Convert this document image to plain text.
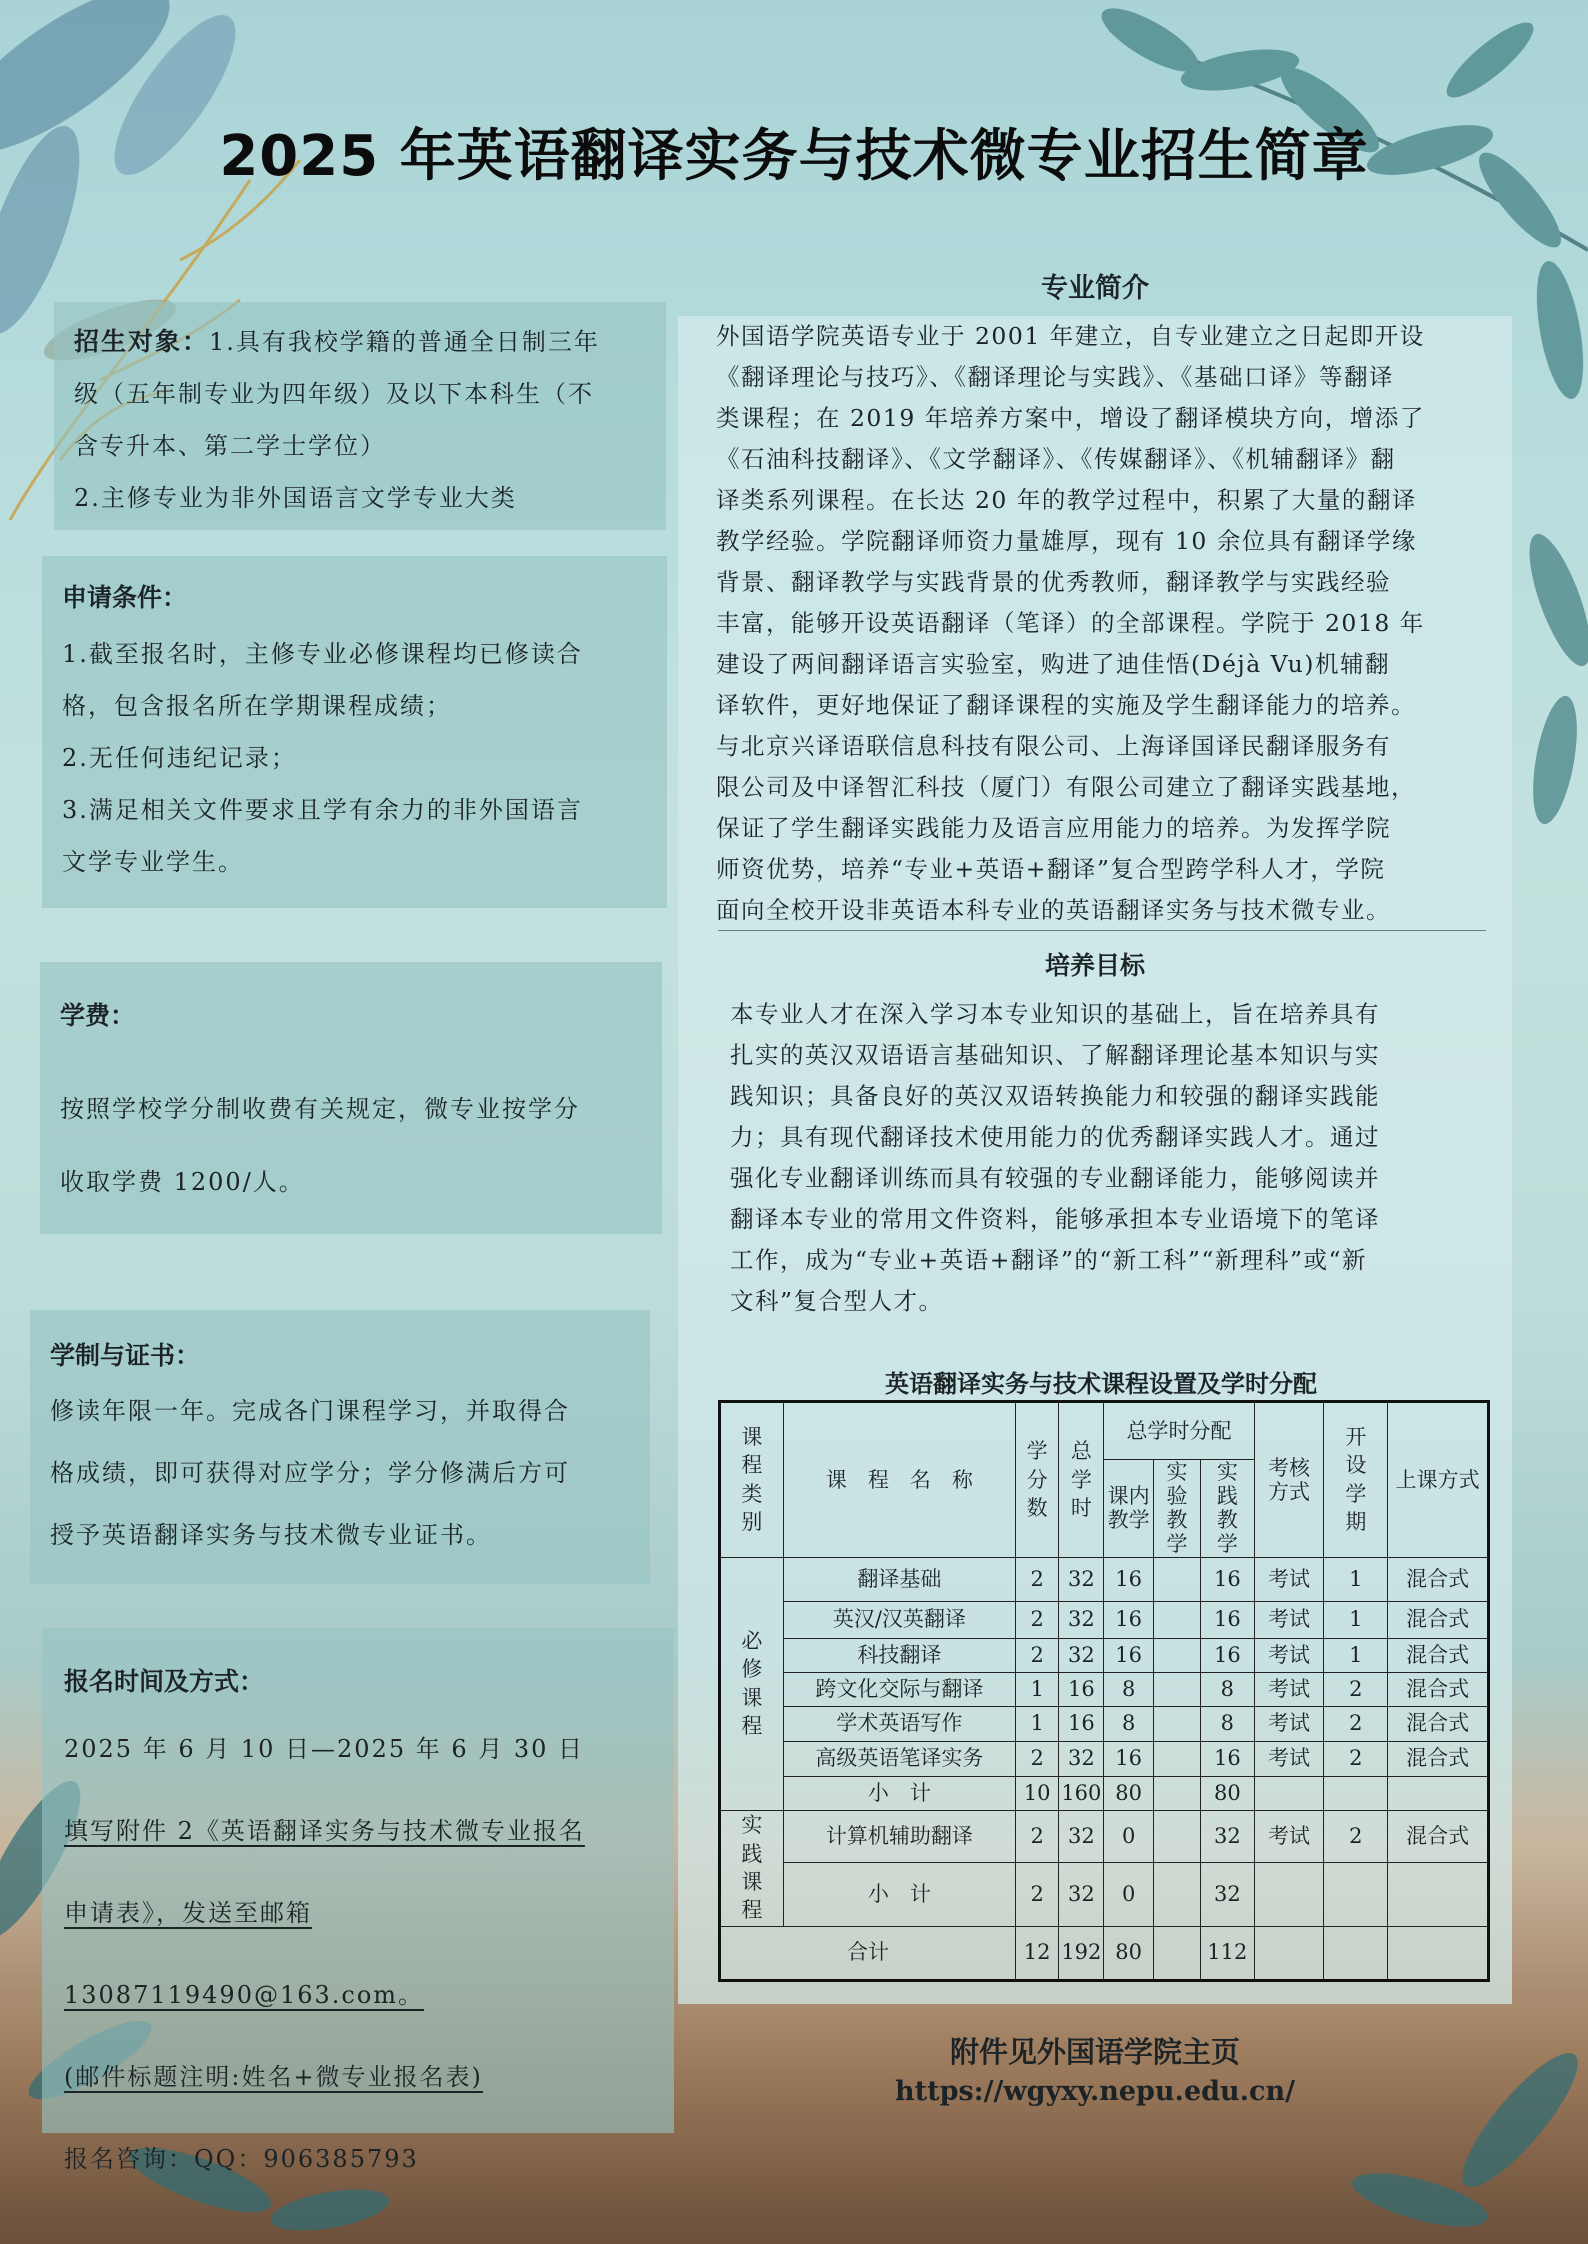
2025 年英语翻译实务与技术微专业招生简章
招生对象：1.具有我校学籍的普通全日制三年
级（五年制专业为四年级）及以下本科生（不
含专升本、第二学士学位）
2.主修专业为非外国语言文学专业大类
申请条件：
1.截至报名时，主修专业必修课程均已修读合
格，包含报名所在学期课程成绩；
2.无任何违纪记录；
3.满足相关文件要求且学有余力的非外国语言
文学专业学生。
学费：
按照学校学分制收费有关规定，微专业按学分
收取学费 1200/人。
学制与证书：
修读年限一年。完成各门课程学习，并取得合
格成绩，即可获得对应学分；学分修满后方可
授予英语翻译实务与技术微专业证书。
报名时间及方式：
2025 年 6 月 10 日—2025 年 6 月 30 日
填写附件 2《英语翻译实务与技术微专业报名
申请表》，发送至邮箱 13087119490@163.com。
(邮件标题注明:姓名+微专业报名表)
报名咨询：QQ：906385793
专业简介
外国语学院英语专业于 2001 年建立，自专业建立之日起即开设
《翻译理论与技巧》、《翻译理论与实践》、《基础口译》等翻译
类课程；在 2019 年培养方案中，增设了翻译模块方向，增添了
《石油科技翻译》、《文学翻译》、《传媒翻译》、《机辅翻译》翻
译类系列课程。在长达 20 年的教学过程中，积累了大量的翻译
教学经验。学院翻译师资力量雄厚，现有 10 余位具有翻译学缘
背景、翻译教学与实践背景的优秀教师，翻译教学与实践经验
丰富，能够开设英语翻译（笔译）的全部课程。学院于 2018 年
建设了两间翻译语言实验室，购进了迪佳悟(Déjà Vu)机辅翻
译软件，更好地保证了翻译课程的实施及学生翻译能力的培养。
与北京兴译语联信息科技有限公司、上海译国译民翻译服务有
限公司及中译智汇科技（厦门）有限公司建立了翻译实践基地，
保证了学生翻译实践能力及语言应用能力的培养。为发挥学院
师资优势，培养“专业+英语+翻译”复合型跨学科人才，学院
面向全校开设非英语本科专业的英语翻译实务与技术微专业。
培养目标
本专业人才在深入学习本专业知识的基础上，旨在培养具有
扎实的英汉双语语言基础知识、了解翻译理论基本知识与实
践知识；具备良好的英汉双语转换能力和较强的翻译实践能
力；具有现代翻译技术使用能力的优秀翻译实践人才。通过
强化专业翻译训练而具有较强的专业翻译能力，能够阅读并
翻译本专业的常用文件资料，能够承担本专业语境下的笔译
工作，成为“专业+英语+翻译”的“新工科”“新理科”或“新
文科”复合型人才。
英语翻译实务与技术课程设置及学时分配
课程类别	课　程　名　称	学分数	总学时	总学时分配			考核方式	开设学期	上课方式
				课内教学	实验教学	实践教学			
必修课程	翻译基础	2	32	16		16	考试	1	混合式
	英汉/汉英翻译	2	32	16		16	考试	1	混合式
	科技翻译	2	32	16		16	考试	1	混合式
	跨文化交际与翻译	1	16	8		8	考试	2	混合式
	学术英语写作	1	16	8		8	考试	2	混合式
	高级英语笔译实务	2	32	16		16	考试	2	混合式
	小　计	10	160	80		80			
实践课程	计算机辅助翻译	2	32	0		32	考试	2	混合式
	小　计	2	32	0		32			
合计		12	192	80		112			
附件见外国语学院主页
https://wgyxy.nepu.edu.cn/
